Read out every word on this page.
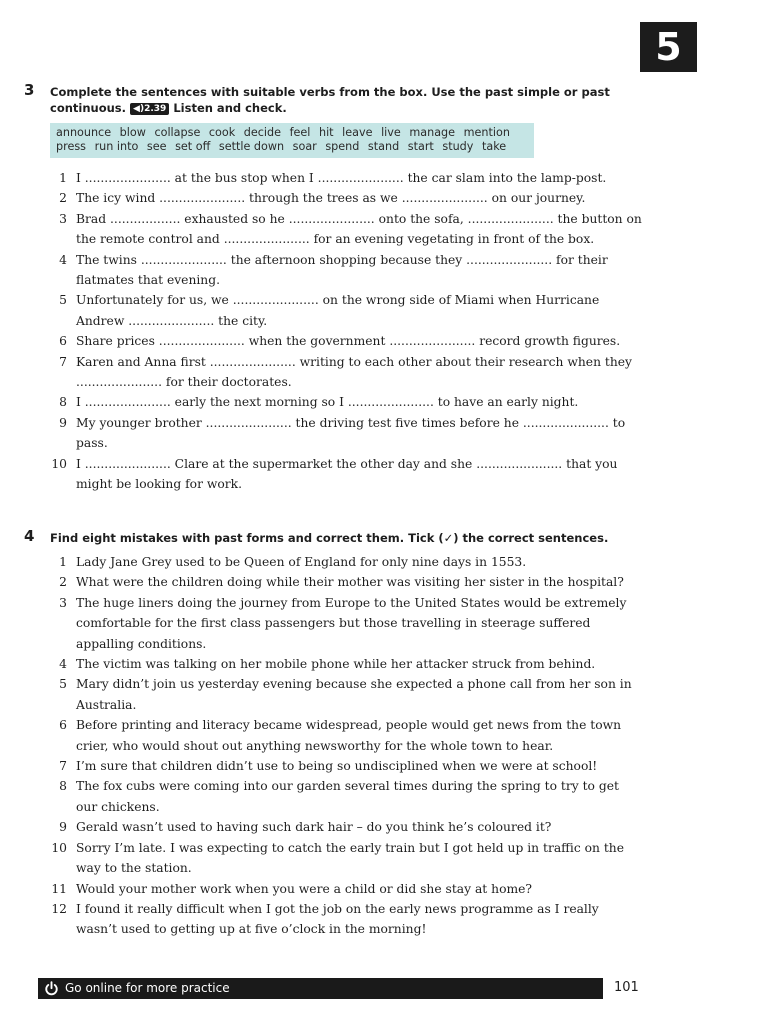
5
3 Complete the sentences with suitable verbs from the box. Use the past simple or past
continuous. ◀)2.39 Listen and check.
announce blow collapse cook decide feel hit leave live manage mention
press run into see set off settle down soar spend stand start study take
1 I ...................... at the bus stop when I ...................... the car slam into the lamp-post.
2 The icy wind ...................... through the trees as we ...................... on our journey.
3 Brad .................. exhausted so he ...................... onto the sofa, ...................... the button on the remote control and ...................... for an evening vegetating in front of the box.
4 The twins ...................... the afternoon shopping because they ...................... for their flatmates that evening.
5 Unfortunately for us, we ...................... on the wrong side of Miami when Hurricane Andrew ...................... the city.
6 Share prices ...................... when the government ...................... record growth figures.
7 Karen and Anna first ...................... writing to each other about their research when they ...................... for their doctorates.
8 I ...................... early the next morning so I ...................... to have an early night.
9 My younger brother ...................... the driving test five times before he ...................... to pass.
10 I ...................... Clare at the supermarket the other day and she ...................... that you might be looking for work.
4 Find eight mistakes with past forms and correct them. Tick (✓) the correct sentences.
1 Lady Jane Grey used to be Queen of England for only nine days in 1553.
2 What were the children doing while their mother was visiting her sister in the hospital?
3 The huge liners doing the journey from Europe to the United States would be extremely comfortable for the first class passengers but those travelling in steerage suffered appalling conditions.
4 The victim was talking on her mobile phone while her attacker struck from behind.
5 Mary didn’t join us yesterday evening because she expected a phone call from her son in Australia.
6 Before printing and literacy became widespread, people would get news from the town crier, who would shout out anything newsworthy for the whole town to hear.
7 I’m sure that children didn’t use to being so undisciplined when we were at school!
8 The fox cubs were coming into our garden several times during the spring to try to get our chickens.
9 Gerald wasn’t used to having such dark hair – do you think he’s coloured it?
10 Sorry I’m late. I was expecting to catch the early train but I got held up in traffic on the way to the station.
11 Would your mother work when you were a child or did she stay at home?
12 I found it really difficult when I got the job on the early news programme as I really wasn’t used to getting up at five o’clock in the morning!
Go online for more practice	101
